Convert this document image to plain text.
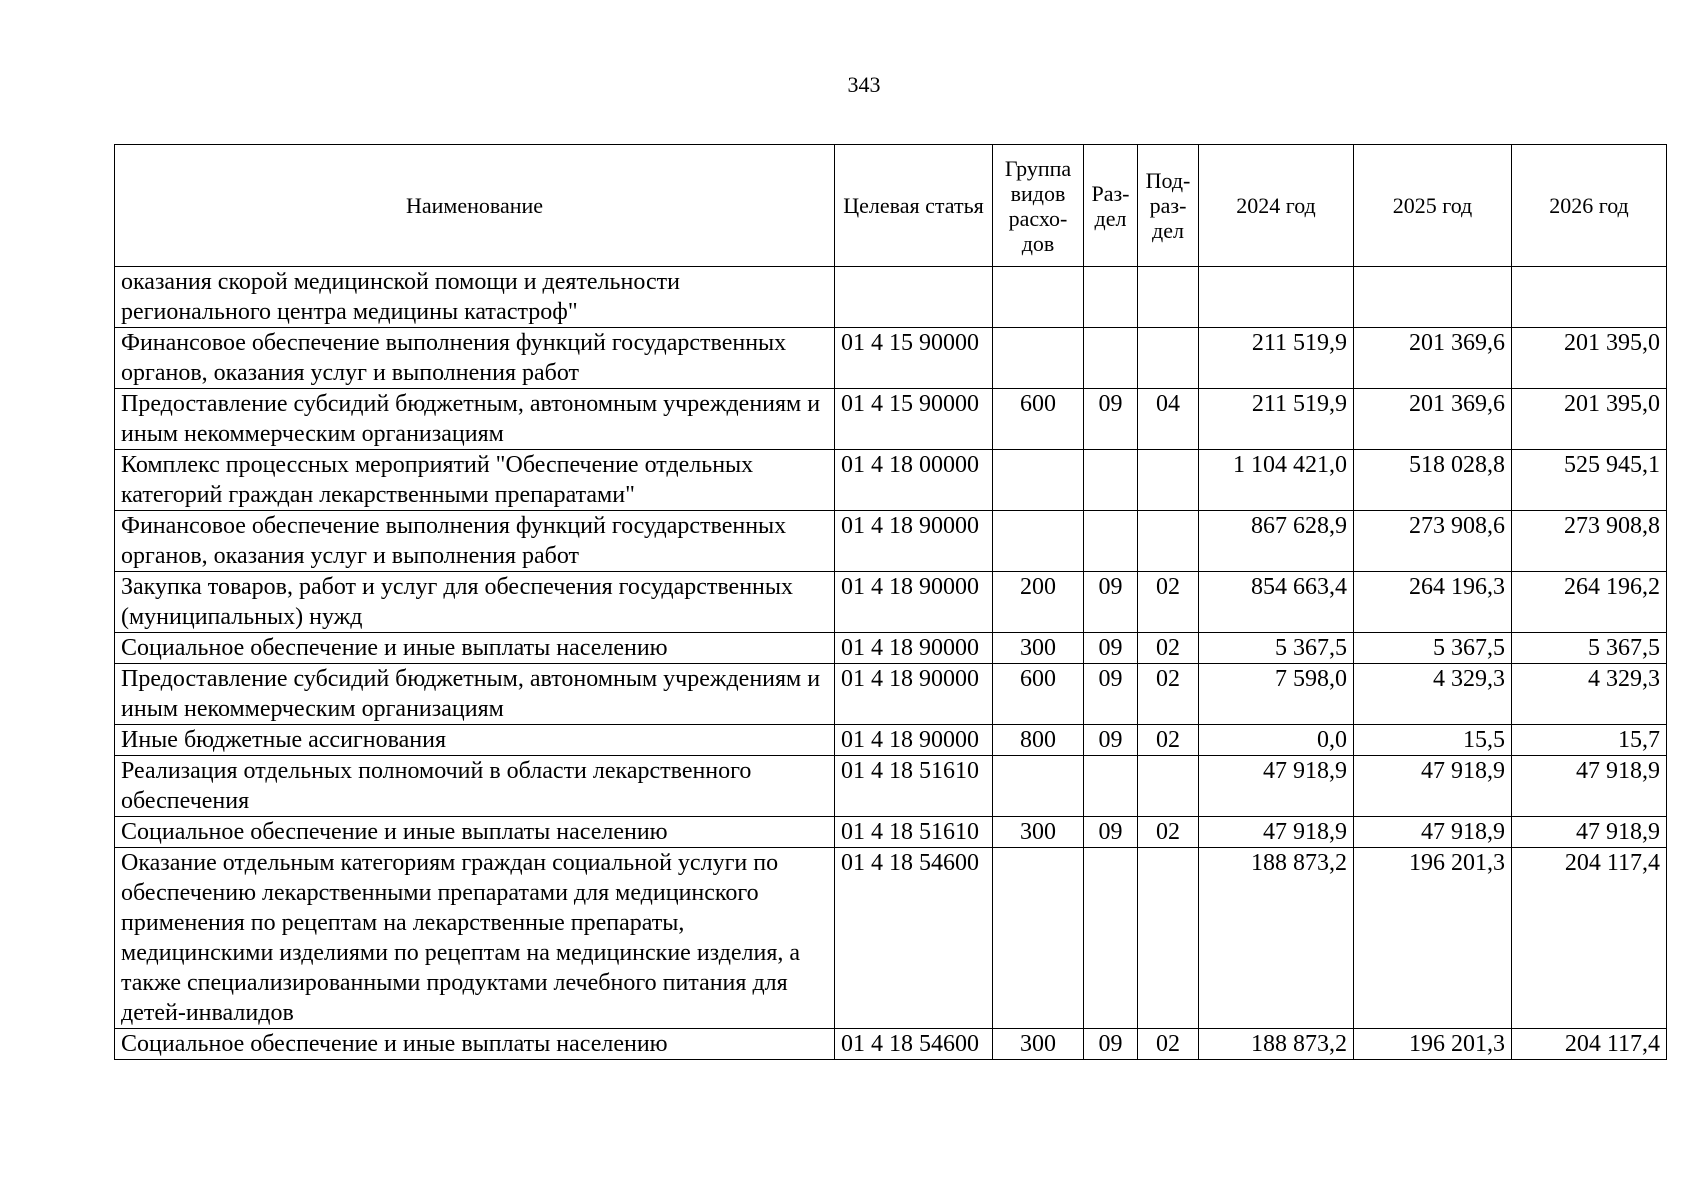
343
Наименование	Целевая статья	Группа видов расхо-дов	Раз-дел	Под-раз-дел	2024 год	2025 год	2026 год
оказания скорой медицинской помощи и деятельности регионального центра медицины катастроф"							
Финансовое обеспечение выполнения функций государственных органов, оказания услуг и выполнения работ	01 4 15 90000				211 519,9	201 369,6	201 395,0
Предоставление субсидий бюджетным, автономным учреждениям и иным некоммерческим организациям	01 4 15 90000	600	09	04	211 519,9	201 369,6	201 395,0
Комплекс процессных мероприятий "Обеспечение отдельных категорий граждан лекарственными препаратами"	01 4 18 00000				1 104 421,0	518 028,8	525 945,1
Финансовое обеспечение выполнения функций государственных органов, оказания услуг и выполнения работ	01 4 18 90000				867 628,9	273 908,6	273 908,8
Закупка товаров, работ и услуг для обеспечения государственных (муниципальных) нужд	01 4 18 90000	200	09	02	854 663,4	264 196,3	264 196,2
Социальное обеспечение и иные выплаты населению	01 4 18 90000	300	09	02	5 367,5	5 367,5	5 367,5
Предоставление субсидий бюджетным, автономным учреждениям и иным некоммерческим организациям	01 4 18 90000	600	09	02	7 598,0	4 329,3	4 329,3
Иные бюджетные ассигнования	01 4 18 90000	800	09	02	0,0	15,5	15,7
Реализация отдельных полномочий в области лекарственного обеспечения	01 4 18 51610				47 918,9	47 918,9	47 918,9
Социальное обеспечение и иные выплаты населению	01 4 18 51610	300	09	02	47 918,9	47 918,9	47 918,9
Оказание отдельным категориям граждан социальной услуги по обеспечению лекарственными препаратами для медицинского применения по рецептам на лекарственные препараты, медицинскими изделиями по рецептам на медицинские изделия, а также специализированными продуктами лечебного питания для детей-инвалидов	01 4 18 54600				188 873,2	196 201,3	204 117,4
Социальное обеспечение и иные выплаты населению	01 4 18 54600	300	09	02	188 873,2	196 201,3	204 117,4
